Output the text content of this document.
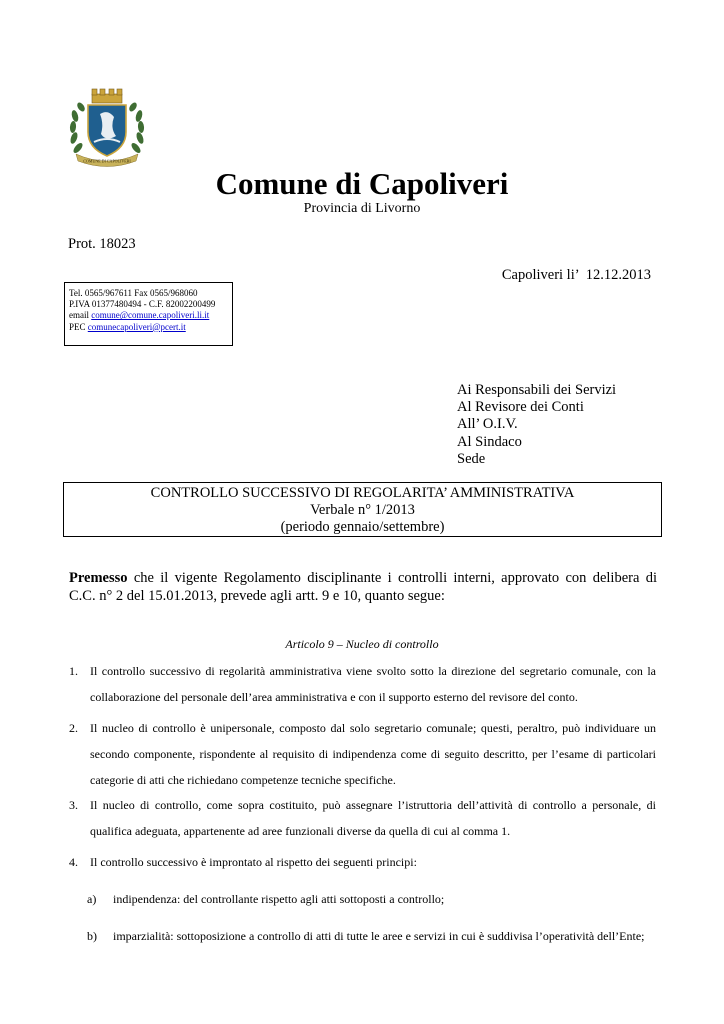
COMUNE DI CAPOLIVERI
Comune di Capoliveri
Provincia di Livorno
Prot. 18023
Capoliveri li’  12.12.2013
Tel. 0565/967611 Fax 0565/968060
P.IVA 01377480494 - C.F. 82002200499
email comune@comune.capoliveri.li.it
PEC comunecapoliveri@pcert.it
Ai Responsabili dei Servizi
Al Revisore dei Conti
All’ O.I.V.
Al Sindaco
Sede
CONTROLLO SUCCESSIVO DI REGOLARITA’ AMMINISTRATIVA
Verbale n° 1/2013
(periodo gennaio/settembre)
Premesso che il vigente Regolamento disciplinante i controlli interni, approvato con delibera di
C.C. n° 2 del 15.01.2013, prevede agli artt. 9 e 10, quanto segue:
Articolo 9 – Nucleo di controllo
1. Il controllo successivo di regolarità amministrativa viene svolto sotto la direzione del segretario comunale, con la collaborazione del personale dell’area amministrativa e con il supporto esterno del revisore del conto.
2. Il nucleo di controllo è unipersonale, composto dal solo segretario comunale; questi, peraltro, può individuare un secondo componente, rispondente al requisito di indipendenza come di seguito descritto, per l’esame di particolari categorie di atti che richiedano competenze tecniche specifiche.
3. Il nucleo di controllo, come sopra costituito, può assegnare l’istruttoria dell’attività di controllo a personale, di qualifica adeguata, appartenente ad aree funzionali diverse da quella di cui al comma 1.
4. Il controllo successivo è improntato al rispetto dei seguenti principi:
a) indipendenza: del controllante rispetto agli atti sottoposti a controllo;
b) imparzialità: sottoposizione a controllo di atti di tutte le aree e servizi in cui è suddivisa l’operatività dell’Ente;
